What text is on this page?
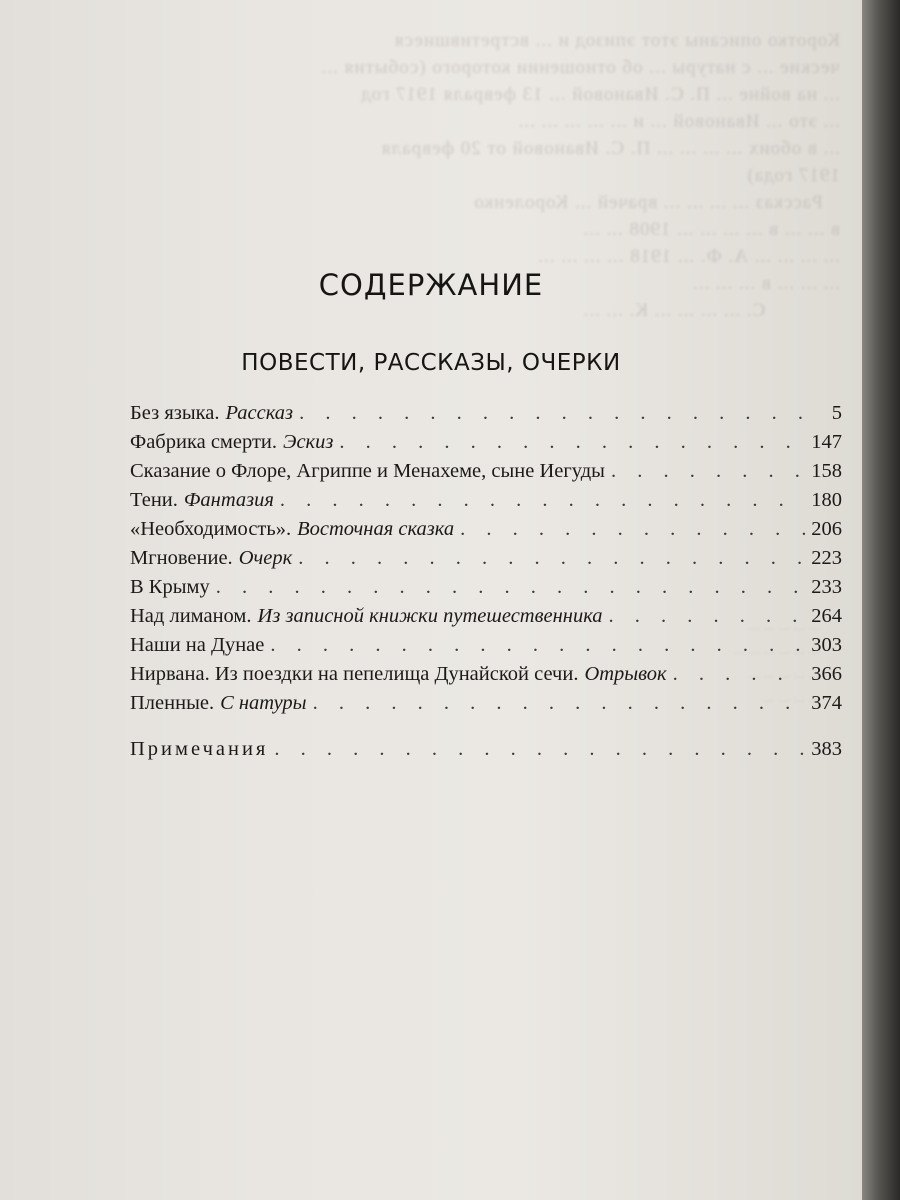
Коpотко описаны этот эпизод и ... встретившиеся
ческие ... с натуры ... об отношении которого (события ...
... на войне ... П. С. Ивановой ... 13 февраля 1917 год
... это ... Ивановой ... и ... ... ... ... ...
... в обоих ... ... ... ... П. С. Ивановой от 20 февраля
1917 года)
Рассказ ... ... ... ... врачей ... Короленко
в ... ... в ... ... ... ... 1908 ... ...
... ... ... ... А. Ф. ... 1918 ... ... ... ...
... ... ... в ... ... ...
С. ... ... ... ... К. ... ...

... ... ... ... ...
... ... ... ... ... ...
... ... ... ... ...
... ... ... ...

СОДЕРЖАНИЕ
ПОВЕСТИ, РАССКАЗЫ, ОЧЕРКИ
Без языка. Рассказ . . .	5
Фабрика смерти. Эскиз . . .	147
Сказание о Флоре, Агриппе и Менахеме, сыне Иегуды . . .	158
Тени. Фантазия . . .	180
«Необходимость». Восточная сказка . . .	206
Мгновение. Очерк . . .	223
В Крыму . . .	233
Над лиманом. Из записной книжки путешественника . . .	264
Наши на Дунае . . .	303
Нирвана. Из поездки на пепелища Дунайской сечи. Отрывок . . .	366
Пленные. С натуры . . .	374
Примечания . . .	383
